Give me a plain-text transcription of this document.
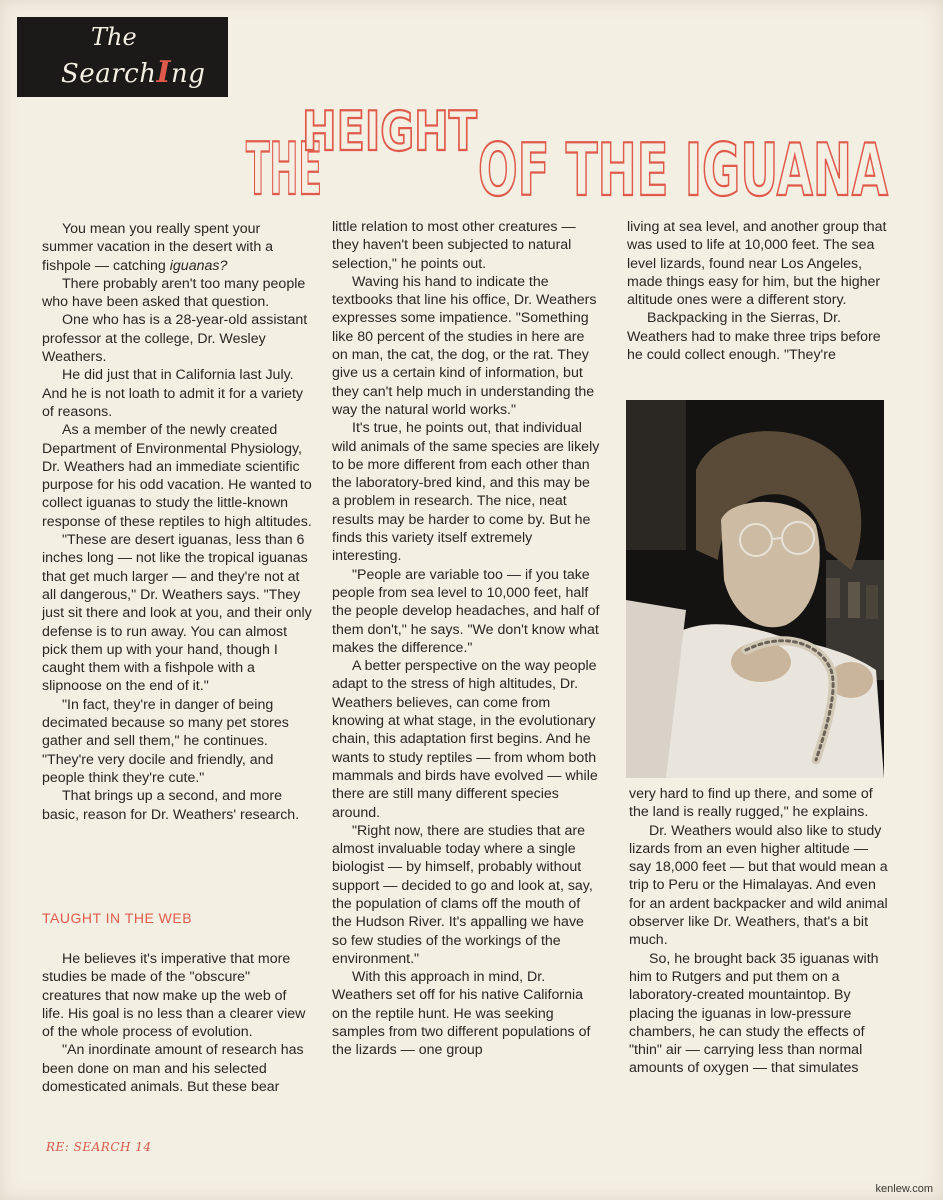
The
SearchIng
THE
HEIGHT OF THE IGUANA

You mean you really spent your summer vacation in the desert with a fishpole — catching iguanas?

There probably aren't too many people who have been asked that question.

One who has is a 28-year-old assistant professor at the college, Dr. Wesley Weathers.

He did just that in California last July. And he is not loath to admit it for a variety of reasons.

As a member of the newly created Department of Environmental Physiology, Dr. Weathers had an immediate scientific purpose for his odd vacation. He wanted to collect iguanas to study the little-known response of these reptiles to high altitudes.

"These are desert iguanas, less than 6 inches long — not like the tropical iguanas that get much larger — and they're not at all dangerous," Dr. Weathers says. "They just sit there and look at you, and their only defense is to run away. You can almost pick them up with your hand, though I caught them with a fishpole with a slipnoose on the end of it."

"In fact, they're in danger of being decimated because so many pet stores gather and sell them," he continues. "They're very docile and friendly, and people think they're cute."

That brings up a second, and more basic, reason for Dr. Weathers' research.

TAUGHT IN THE WEB

He believes it's imperative that more studies be made of the "obscure" creatures that now make up the web of life. His goal is no less than a clearer view of the whole process of evolution.

"An inordinate amount of research has been done on man and his selected domesticated animals. But these bear

little relation to most other creatures — they haven't been subjected to natural selection," he points out.

Waving his hand to indicate the textbooks that line his office, Dr. Weathers expresses some impatience. "Something like 80 percent of the studies in here are on man, the cat, the dog, or the rat. They give us a certain kind of information, but they can't help much in understanding the way the natural world works."

It's true, he points out, that individual wild animals of the same species are likely to be more different from each other than the laboratory-bred kind, and this may be a problem in research. The nice, neat results may be harder to come by. But he finds this variety itself extremely interesting.

"People are variable too — if you take people from sea level to 10,000 feet, half the people develop headaches, and half of them don't," he says. "We don't know what makes the difference."

A better perspective on the way people adapt to the stress of high altitudes, Dr. Weathers believes, can come from knowing at what stage, in the evolutionary chain, this adaptation first begins. And he wants to study reptiles — from whom both mammals and birds have evolved — while there are still many different species around.

"Right now, there are studies that are almost invaluable today where a single biologist — by himself, probably without support — decided to go and look at, say, the population of clams off the mouth of the Hudson River. It's appalling we have so few studies of the workings of the environment."

With this approach in mind, Dr. Weathers set off for his native California on the reptile hunt. He was seeking samples from two different populations of the lizards — one group

living at sea level, and another group that was used to life at 10,000 feet. The sea level lizards, found near Los Angeles, made things easy for him, but the higher altitude ones were a different story.

Backpacking in the Sierras, Dr. Weathers had to make three trips before he could collect enough. "They're

very hard to find up there, and some of the land is really rugged," he explains.

Dr. Weathers would also like to study lizards from an even higher altitude — say 18,000 feet — but that would mean a trip to Peru or the Himalayas. And even for an ardent backpacker and wild animal observer like Dr. Weathers, that's a bit much.

So, he brought back 35 iguanas with him to Rutgers and put them on a laboratory-created mountaintop. By placing the iguanas in low-pressure chambers, he can study the effects of "thin" air — carrying less than normal amounts of oxygen — that simulates

RE: SEARCH 14
kenlew.com
